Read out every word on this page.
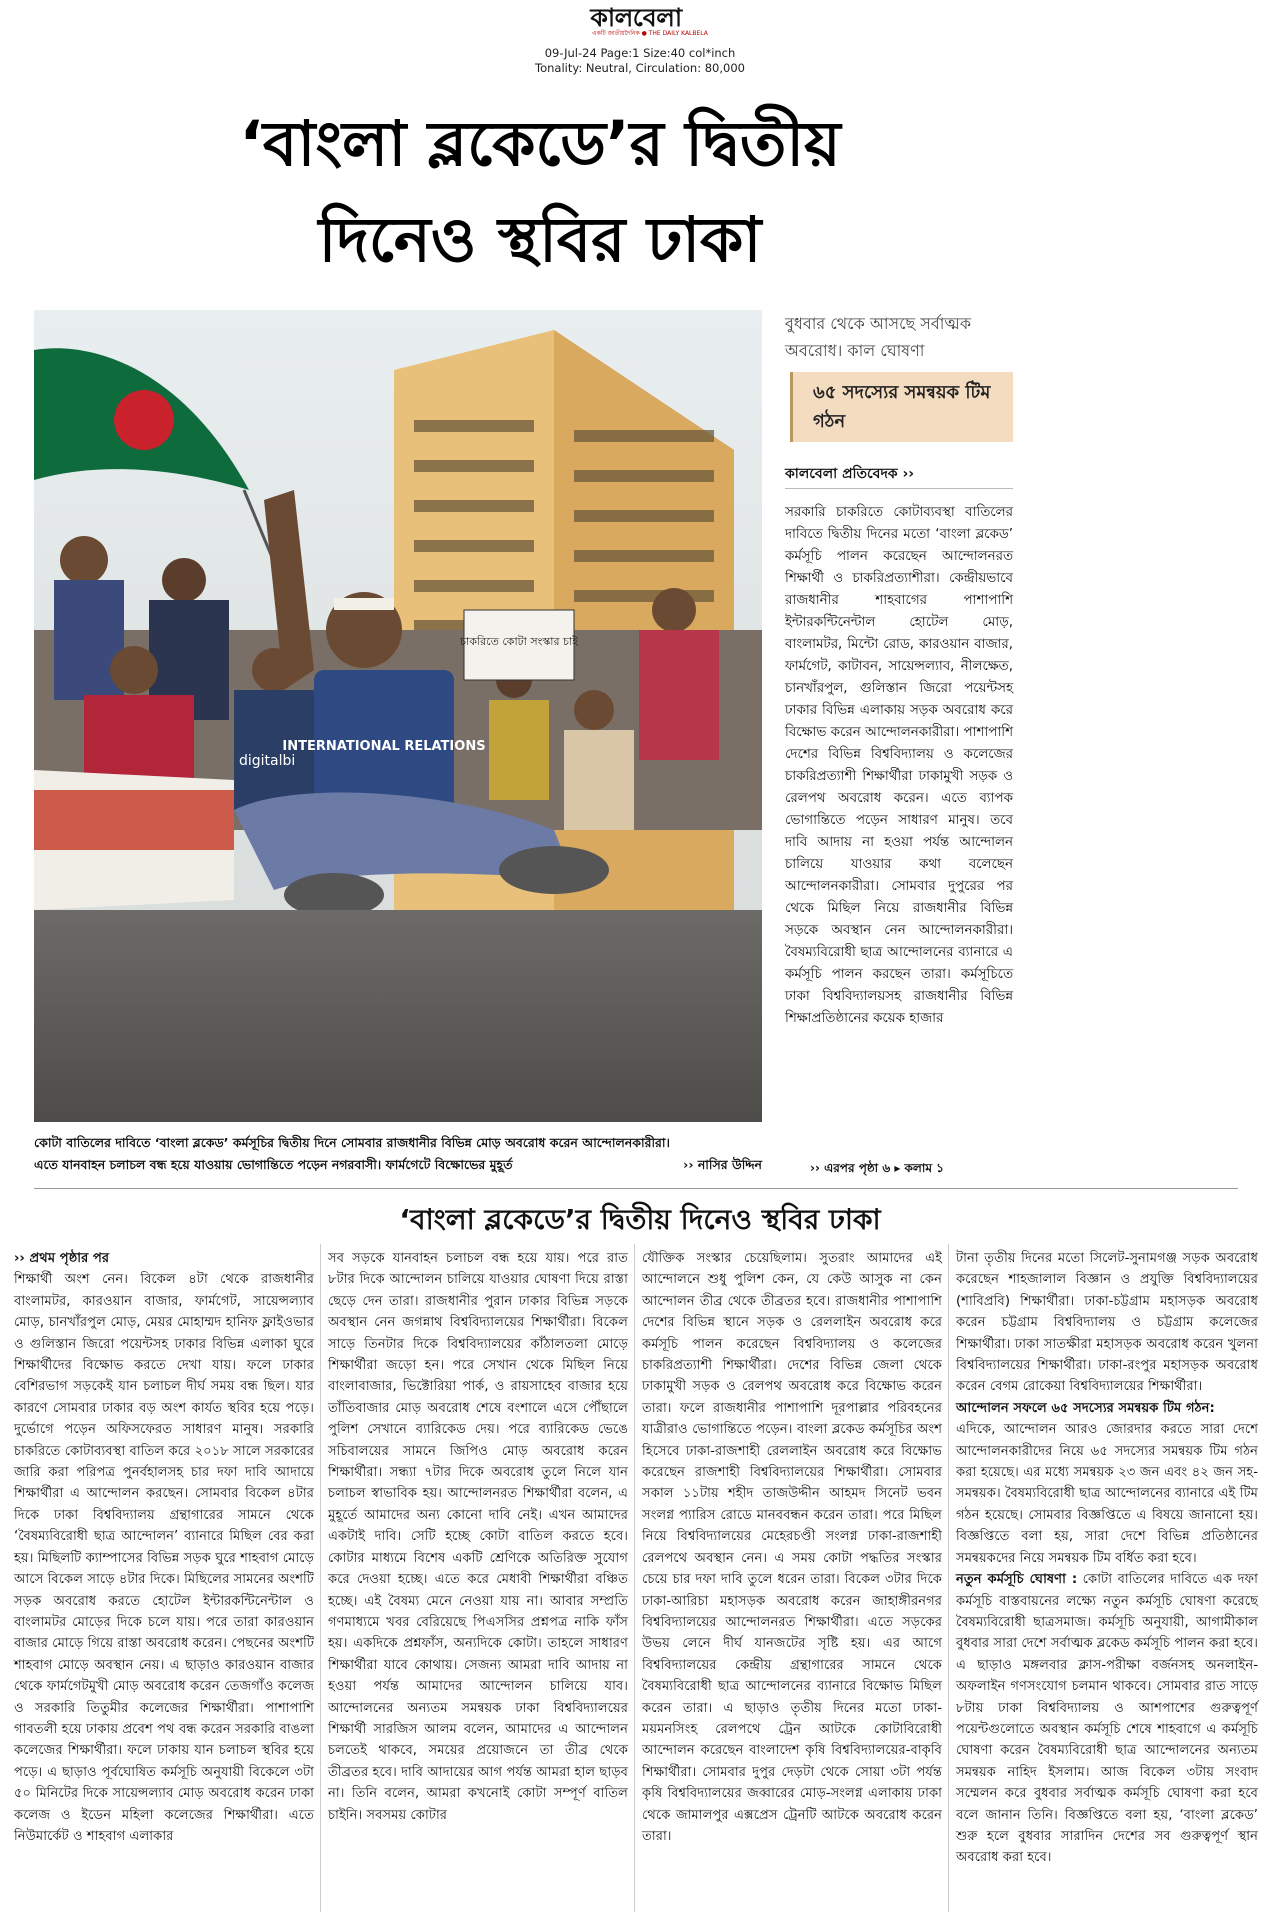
কালবেলা
একটি জাতীয়দৈনিক ● THE DAILY KALBELA
09-Jul-24 Page:1 Size:40 col*inch
Tonality: Neutral, Circulation: 80,000
‘বাংলা ব্লকেডে’র দ্বিতীয়
দিনেও স্থবির ঢাকা
চাকরিতে কোটা সংস্কার চাই
digitalbi
INTERNATIONAL RELATIONS
কোটা বাতিলের দাবিতে ‘বাংলা ব্লকেড’ কর্মসূচির দ্বিতীয় দিনে সোমবার রাজধানীর বিভিন্ন মোড় অবরোধ করেন আন্দোলনকারীরা।
এতে যানবাহন চলাচল বন্ধ হয়ে যাওয়ায় ভোগান্তিতে পড়েন নগরবাসী। ফার্মগেটে বিক্ষোভের মুহূর্ত	›› নাসির উদ্দিন
বুধবার থেকে আসছে সর্বাত্মক অবরোধ। কাল ঘোষণা
৬৫ সদস্যের সমন্বয়ক টিম গঠন
কালবেলা প্রতিবেদক ››
সরকারি চাকরিতে কোটাব্যবস্থা বাতিলের দাবিতে দ্বিতীয় দিনের মতো ‘বাংলা ব্লকেড’ কর্মসূচি পালন করেছেন আন্দোলনরত শিক্ষার্থী ও চাকরিপ্রত্যাশীরা। কেন্দ্রীয়ভাবে রাজধানীর শাহবাগের পাশাপাশি ইন্টারকন্টিনেন্টাল হোটেল মোড়, বাংলামটর, মিন্টো রোড, কারওয়ান বাজার, ফার্মগেট, কাটাবন, সায়েন্সল্যাব, নীলক্ষেত, চানখাঁরপুল, গুলিস্তান জিরো পয়েন্টসহ ঢাকার বিভিন্ন এলাকায় সড়ক অবরোধ করে বিক্ষোভ করেন আন্দোলনকারীরা। পাশাপাশি দেশের বিভিন্ন বিশ্ববিদ্যালয় ও কলেজের চাকরিপ্রত্যাশী শিক্ষার্থীরা ঢাকামুখী সড়ক ও রেলপথ অবরোধ করেন। এতে ব্যাপক ভোগান্তিতে পড়েন সাধারণ মানুষ। তবে দাবি আদায় না হওয়া পর্যন্ত আন্দোলন চালিয়ে যাওয়ার কথা বলেছেন আন্দোলনকারীরা। সোমবার দুপুরের পর থেকে মিছিল নিয়ে রাজধানীর বিভিন্ন সড়কে অবস্থান নেন আন্দোলনকারীরা। বৈষম্যবিরোধী ছাত্র আন্দোলনের ব্যানারে এ কর্মসূচি পালন করছেন তারা। কর্মসূচিতে ঢাকা বিশ্ববিদ্যালয়সহ রাজধানীর বিভিন্ন শিক্ষাপ্রতিষ্ঠানের কয়েক হাজার
›› এরপর পৃষ্ঠা ৬ ▸ কলাম ১
‘বাংলা ব্লকেডে’র দ্বিতীয় দিনেও স্থবির ঢাকা

›› প্রথম পৃষ্ঠার পর

শিক্ষার্থী অংশ নেন। বিকেল ৪টা থেকে রাজধানীর বাংলামটর, কারওয়ান বাজার, ফার্মগেট, সায়েন্সল্যাব মোড়, চানখাঁরপুল মোড়, মেয়র মোহাম্মদ হানিফ ফ্লাইওভার ও গুলিস্তান জিরো পয়েন্টসহ ঢাকার বিভিন্ন এলাকা ঘুরে শিক্ষার্থীদের বিক্ষোভ করতে দেখা যায়। ফলে ঢাকার বেশিরভাগ সড়কেই যান চলাচল দীর্ঘ সময় বন্ধ ছিল। যার কারণে সোমবার ঢাকার বড় অংশ কার্যত স্থবির হয়ে পড়ে। দুর্ভোগে পড়েন অফিসফেরত সাধারণ মানুষ। সরকারি চাকরিতে কোটাব্যবস্থা বাতিল করে ২০১৮ সালে সরকারের জারি করা পরিপত্র পুনর্বহালসহ চার দফা দাবি আদায়ে শিক্ষার্থীরা এ আন্দোলন করছেন। সোমবার বিকেল ৪টার দিকে ঢাকা বিশ্ববিদ্যালয় গ্রন্থাগারের সামনে থেকে ‘বৈষম্যবিরোধী ছাত্র আন্দোলন’ ব্যানারে মিছিল বের করা হয়। মিছিলটি ক্যাম্পাসের বিভিন্ন সড়ক ঘুরে শাহবাগ মোড়ে আসে বিকেল সাড়ে ৪টার দিকে। মিছিলের সামনের অংশটি সড়ক অবরোধ করতে হোটেল ইন্টারকন্টিনেন্টাল ও বাংলামটর মোড়ের দিকে চলে যায়। পরে তারা কারওয়ান বাজার মোড়ে গিয়ে রাস্তা অবরোধ করেন। পেছনের অংশটি শাহবাগ মোড়ে অবস্থান নেয়। এ ছাড়াও কারওয়ান বাজার থেকে ফার্মগেটমুখী মোড় অবরোধ করেন তেজগাঁও কলেজ ও সরকারি তিতুমীর কলেজের শিক্ষার্থীরা। পাশাপাশি গাবতলী হয়ে ঢাকায় প্রবেশ পথ বন্ধ করেন সরকারি বাঙলা কলেজের শিক্ষার্থীরা। ফলে ঢাকায় যান চলাচল স্থবির হয়ে পড়ে। এ ছাড়াও পূর্বঘোষিত কর্মসূচি অনুযায়ী বিকেলে ৩টা ৫০ মিনিটের দিকে সায়েন্সল্যাব মোড় অবরোধ করেন ঢাকা কলেজ ও ইডেন মহিলা কলেজের শিক্ষার্থীরা। এতে নিউমার্কেট ও শাহবাগ এলাকার

সব সড়কে যানবাহন চলাচল বন্ধ হয়ে যায়। পরে রাত ৮টার দিকে আন্দোলন চালিয়ে যাওয়ার ঘোষণা দিয়ে রাস্তা ছেড়ে দেন তারা। রাজধানীর পুরান ঢাকার বিভিন্ন সড়কে অবস্থান নেন জগন্নাথ বিশ্ববিদ্যালয়ের শিক্ষার্থীরা। বিকেল সাড়ে তিনটার দিকে বিশ্ববিদ্যালয়ের কাঁঠালতলা মোড়ে শিক্ষার্থীরা জড়ো হন। পরে সেখান থেকে মিছিল নিয়ে বাংলাবাজার, ভিক্টোরিয়া পার্ক, ও রায়সাহেব বাজার হয়ে তাঁতিবাজার মোড় অবরোধ শেষে বংশালে এসে পৌঁছালে পুলিশ সেখানে ব্যারিকেড দেয়। পরে ব্যারিকেড ভেঙে সচিবালয়ের সামনে জিপিও মোড় অবরোধ করেন শিক্ষার্থীরা। সন্ধ্যা ৭টার দিকে অবরোধ তুলে নিলে যান চলাচল স্বাভাবিক হয়। আন্দোলনরত শিক্ষার্থীরা বলেন, এ মুহূর্তে আমাদের অন্য কোনো দাবি নেই। এখন আমাদের একটাই দাবি। সেটি হচ্ছে কোটা বাতিল করতে হবে। কোটার মাধ্যমে বিশেষ একটি শ্রেণিকে অতিরিক্ত সুযোগ করে দেওয়া হচ্ছে। এতে করে মেধাবী শিক্ষার্থীরা বঞ্চিত হচ্ছে। এই বৈষম্য মেনে নেওয়া যায় না। আবার সম্প্রতি গণমাধ্যমে খবর বেরিয়েছে পিএসসির প্রশ্নপত্র নাকি ফাঁস হয়। একদিকে প্রশ্নফাঁস, অন্যদিকে কোটা। তাহলে সাধারণ শিক্ষার্থীরা যাবে কোথায়। সেজন্য আমরা দাবি আদায় না হওয়া পর্যন্ত আমাদের আন্দোলন চালিয়ে যাব। আন্দোলনের অন্যতম সমন্বয়ক ঢাকা বিশ্ববিদ্যালয়ের শিক্ষার্থী সারজিস আলম বলেন, আমাদের এ আন্দোলন চলতেই থাকবে, সময়ের প্রয়োজনে তা তীব্র থেকে তীব্রতর হবে। দাবি আদায়ের আগ পর্যন্ত আমরা হাল ছাড়ব না। তিনি বলেন, আমরা কখনোই কোটা সম্পূর্ণ বাতিল চাইনি। সবসময় কোটার

যৌক্তিক সংস্কার চেয়েছিলাম। সুতরাং আমাদের এই আন্দোলনে শুধু পুলিশ কেন, যে কেউ আসুক না কেন আন্দোলন তীব্র থেকে তীব্রতর হবে। রাজধানীর পাশাপাশি দেশের বিভিন্ন স্থানে সড়ক ও রেললাইন অবরোধ করে কর্মসূচি পালন করেছেন বিশ্ববিদ্যালয় ও কলেজের চাকরিপ্রত্যাশী শিক্ষার্থীরা। দেশের বিভিন্ন জেলা থেকে ঢাকামুখী সড়ক ও রেলপথ অবরোধ করে বিক্ষোভ করেন তারা। ফলে রাজধানীর পাশাপাশি দূরপাল্লার পরিবহনের যাত্রীরাও ভোগান্তিতে পড়েন। বাংলা ব্লকেড কর্মসূচির অংশ হিসেবে ঢাকা-রাজশাহী রেললাইন অবরোধ করে বিক্ষোভ করেছেন রাজশাহী বিশ্ববিদ্যালয়ের শিক্ষার্থীরা। সোমবার সকাল ১১টায় শহীদ তাজউদ্দীন আহমদ সিনেট ভবন সংলগ্ন প্যারিস রোডে মানববন্ধন করেন তারা। পরে মিছিল নিয়ে বিশ্ববিদ্যালয়ের মেহেরচণ্ডী সংলগ্ন ঢাকা-রাজশাহী রেলপথে অবস্থান নেন। এ সময় কোটা পদ্ধতির সংস্কার চেয়ে চার দফা দাবি তুলে ধরেন তারা। বিকেল ৩টার দিকে ঢাকা-আরিচা মহাসড়ক অবরোধ করেন জাহাঙ্গীরনগর বিশ্ববিদ্যালয়ের আন্দোলনরত শিক্ষার্থীরা। এতে সড়কের উভয় লেনে দীর্ঘ যানজটের সৃষ্টি হয়। এর আগে বিশ্ববিদ্যালয়ের কেন্দ্রীয় গ্রন্থাগারের সামনে থেকে বৈষম্যবিরোধী ছাত্র আন্দোলনের ব্যানারে বিক্ষোভ মিছিল করেন তারা। এ ছাড়াও তৃতীয় দিনের মতো ঢাকা-ময়মনসিংহ রেলপথে ট্রেন আটকে কোটাবিরোধী আন্দোলন করেছেন বাংলাদেশ কৃষি বিশ্ববিদ্যালয়ের-বাকৃবি শিক্ষার্থীরা। সোমবার দুপুর দেড়টা থেকে সোয়া ৩টা পর্যন্ত কৃষি বিশ্ববিদ্যালয়ের জব্বারের মোড়-সংলগ্ন এলাকায় ঢাকা থেকে জামালপুর এক্সপ্রেস ট্রেনটি আটকে অবরোধ করেন তারা।

টানা তৃতীয় দিনের মতো সিলেট-সুনামগঞ্জ সড়ক অবরোধ করেছেন শাহজালাল বিজ্ঞান ও প্রযুক্তি বিশ্ববিদ্যালয়ের (শাবিপ্রবি) শিক্ষার্থীরা। ঢাকা-চট্টগ্রাম মহাসড়ক অবরোধ করেন চট্টগ্রাম বিশ্ববিদ্যালয় ও চট্টগ্রাম কলেজের শিক্ষার্থীরা। ঢাকা সাতক্ষীরা মহাসড়ক অবরোধ করেন খুলনা বিশ্ববিদ্যালয়ের শিক্ষার্থীরা। ঢাকা-রংপুর মহাসড়ক অবরোধ করেন বেগম রোকেয়া বিশ্ববিদ্যালয়ের শিক্ষার্থীরা।

আন্দোলন সফলে ৬৫ সদস্যের সমন্বয়ক টিম গঠন:

এদিকে, আন্দোলন আরও জোরদার করতে সারা দেশে আন্দোলনকারীদের নিয়ে ৬৫ সদস্যের সমন্বয়ক টিম গঠন করা হয়েছে। এর মধ্যে সমন্বয়ক ২৩ জন এবং ৪২ জন সহ-সমন্বয়ক। বৈষম্যবিরোধী ছাত্র আন্দোলনের ব্যানারে এই টিম গঠন হয়েছে। সোমবার বিজ্ঞপ্তিতে এ বিষয়ে জানানো হয়। বিজ্ঞপ্তিতে বলা হয়, সারা দেশে বিভিন্ন প্রতিষ্ঠানের সমন্বয়কদের নিয়ে সমন্বয়ক টিম বর্ধিত করা হবে।

নতুন কর্মসূচি ঘোষণা : কোটা বাতিলের দাবিতে এক দফা কর্মসূচি বাস্তবায়নের লক্ষ্যে নতুন কর্মসূচি ঘোষণা করেছে বৈষম্যবিরোধী ছাত্রসমাজ। কর্মসূচি অনুযায়ী, আগামীকাল বুধবার সারা দেশে সর্বাত্মক ব্লকেড কর্মসূচি পালন করা হবে। এ ছাড়াও মঙ্গলবার ক্লাস-পরীক্ষা বর্জনসহ অনলাইন-অফলাইন গণসংযোগ চলমান থাকবে। সোমবার রাত সাড়ে ৮টায় ঢাকা বিশ্ববিদ্যালয় ও আশপাশের গুরুত্বপূর্ণ পয়েন্টগুলোতে অবস্থান কর্মসূচি শেষে শাহবাগে এ কর্মসূচি ঘোষণা করেন বৈষম্যবিরোধী ছাত্র আন্দোলনের অন্যতম সমন্বয়ক নাহিদ ইসলাম। আজ বিকেল ৩টায় সংবাদ সম্মেলন করে বুধবার সর্বাত্মক কর্মসূচি ঘোষণা করা হবে বলে জানান তিনি। বিজ্ঞপ্তিতে বলা হয়, ‘বাংলা ব্লকেড’ শুরু হলে বুধবার সারাদিন দেশের সব গুরুত্বপূর্ণ স্থান অবরোধ করা হবে।
